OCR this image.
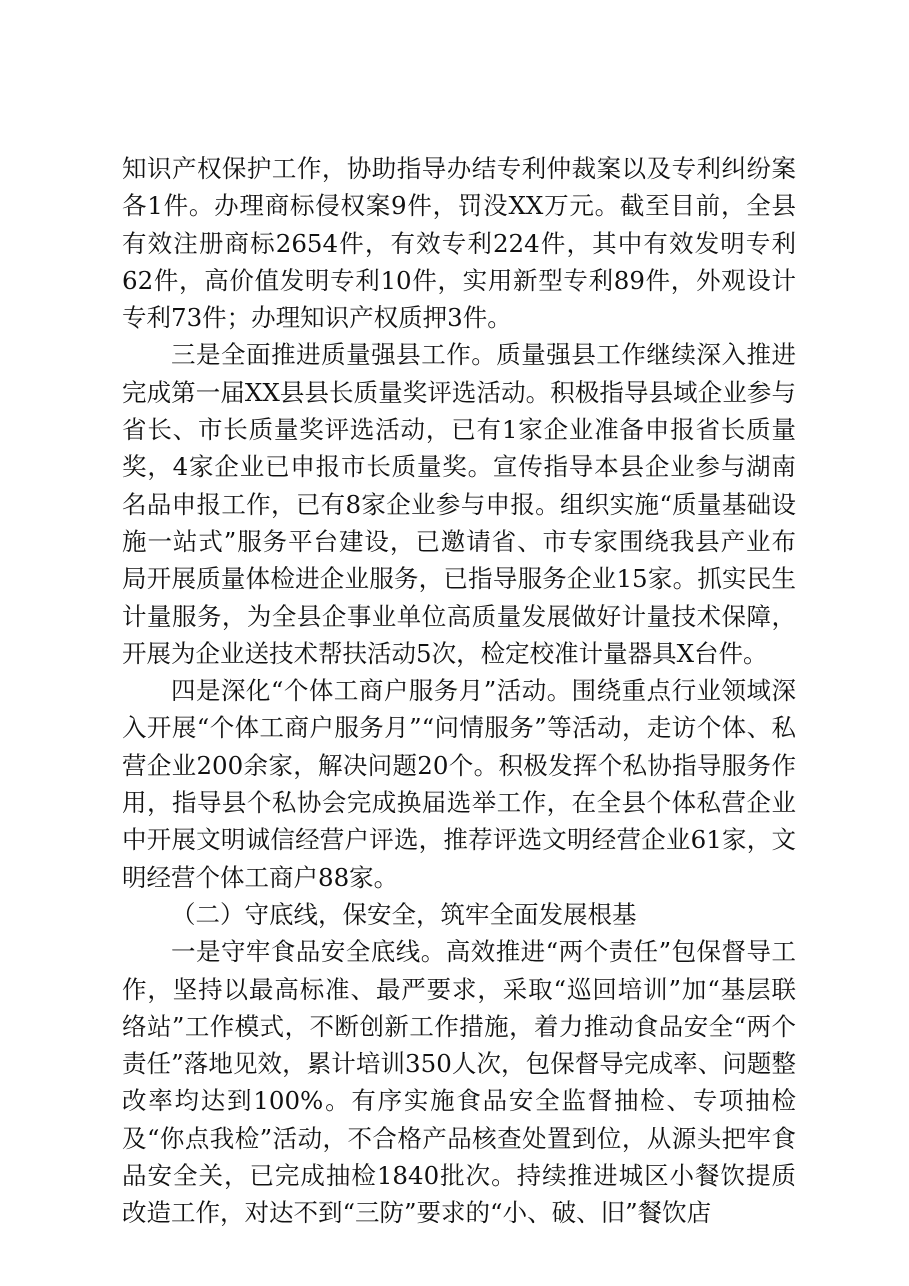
知识产权保护工作，协助指导办结专利仲裁案以及专利纠纷案各1件。办理商标侵权案9件，罚没XX万元。截至目前，全县有效注册商标2654件，有效专利224件，其中有效发明专利62件，高价值发明专利10件，实用新型专利89件，外观设计专利73件；办理知识产权质押3件。

三是全面推进质量强县工作。质量强县工作继续深入推进完成第一届XX县县长质量奖评选活动。积极指导县域企业参与省长、市长质量奖评选活动，已有1家企业准备申报省长质量奖，4家企业已申报市长质量奖。宣传指导本县企业参与湖南名品申报工作，已有8家企业参与申报。组织实施“质量基础设施一站式”服务平台建设，已邀请省、市专家围绕我县产业布局开展质量体检进企业服务，已指导服务企业15家。抓实民生计量服务，为全县企事业单位高质量发展做好计量技术保障，开展为企业送技术帮扶活动5次，检定校准计量器具X台件。

四是深化“个体工商户服务月”活动。围绕重点行业领域深入开展“个体工商户服务月”“问情服务”等活动，走访个体、私营企业200余家，解决问题20个。积极发挥个私协指导服务作用，指导县个私协会完成换届选举工作，在全县个体私营企业中开展文明诚信经营户评选，推荐评选文明经营企业61家，文明经营个体工商户88家。

（二）守底线，保安全，筑牢全面发展根基

一是守牢食品安全底线。高效推进“两个责任”包保督导工作，坚持以最高标准、最严要求，采取“巡回培训”加“基层联络站”工作模式，不断创新工作措施，着力推动食品安全“两个责任”落地见效，累计培训350人次，包保督导完成率、问题整改率均达到100%。有序实施食品安全监督抽检、专项抽检及“你点我检”活动，不合格产品核查处置到位，从源头把牢食品安全关，已完成抽检1840批次。持续推进城区小餐饮提质改造工作，对达不到“三防”要求的“小、破、旧”餐饮店
